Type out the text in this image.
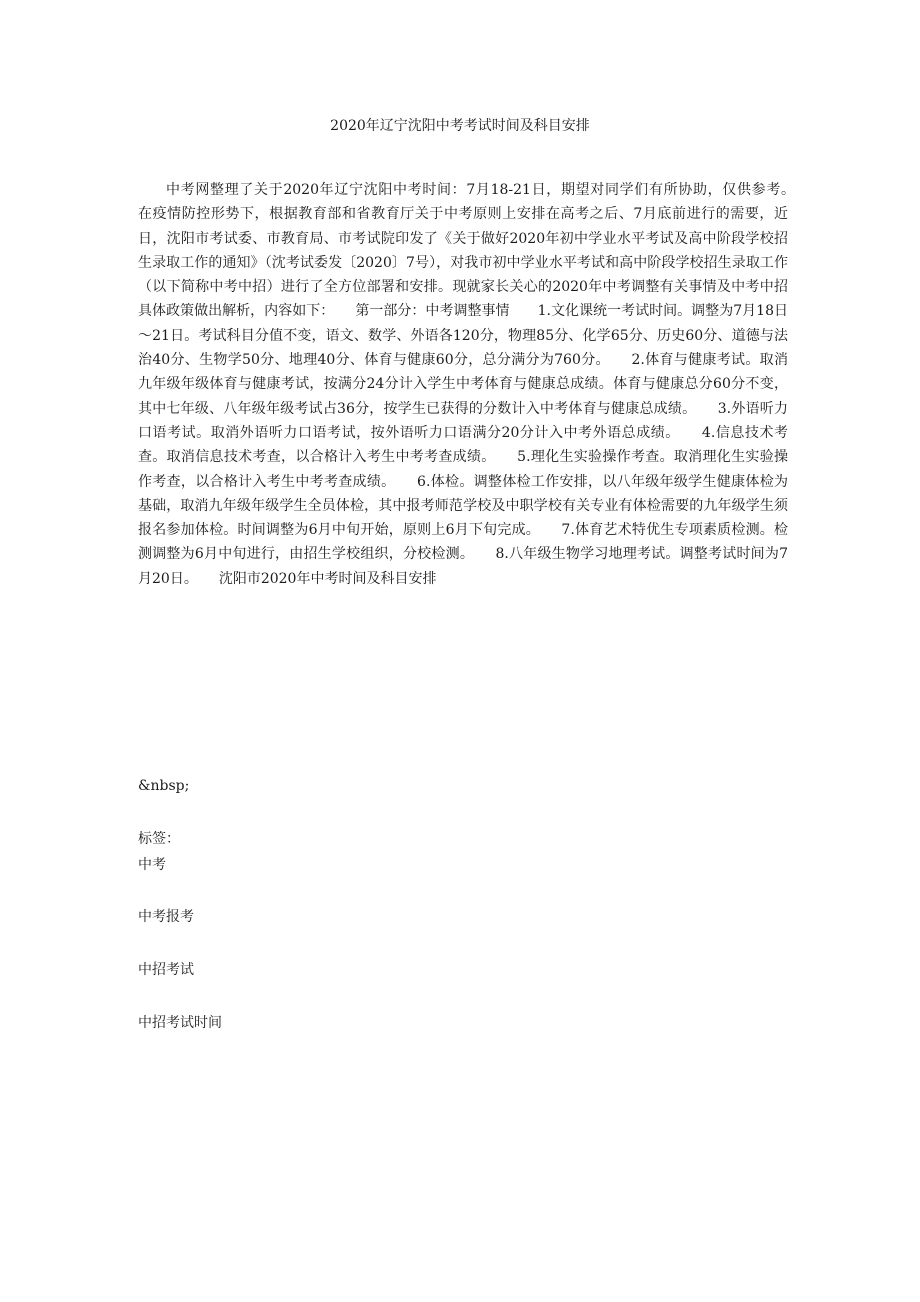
2020年辽宁沈阳中考考试时间及科目安排

中考网整理了关于2020年辽宁沈阳中考时间：7月18-21日，期望对同学们有所协助，仅供参考。　　在疫情防控形势下，根据教育部和省教育厅关于中考原则上安排在高考之后、7月底前进行的需要，近日，沈阳市考试委、市教育局、市考试院印发了《关于做好2020年初中学业水平考试及高中阶段学校招生录取工作的通知》（沈考试委发〔2020〕7号），对我市初中学业水平考试和高中阶段学校招生录取工作（以下简称中考中招）进行了全方位部署和安排。现就家长关心的2020年中考调整有关事情及中考中招具体政策做出解析，内容如下：　　第一部分：中考调整事情　　1.文化课统一考试时间。调整为7月18日～21日。考试科目分值不变，语文、数学、外语各120分，物理85分、化学65分、历史60分、道德与法治40分、生物学50分、地理40分、体育与健康60分，总分满分为760分。　　2.体育与健康考试。取消九年级年级体育与健康考试，按满分24分计入学生中考体育与健康总成绩。体育与健康总分60分不变，其中七年级、八年级年级考试占36分，按学生已获得的分数计入中考体育与健康总成绩。　　3.外语听力口语考试。取消外语听力口语考试，按外语听力口语满分20分计入中考外语总成绩。　　4.信息技术考查。取消信息技术考查，以合格计入考生中考考查成绩。　　5.理化生实验操作考查。取消理化生实验操作考查，以合格计入考生中考考查成绩。　　6.体检。调整体检工作安排，以八年级年级学生健康体检为基础，取消九年级年级学生全员体检，其中报考师范学校及中职学校有关专业有体检需要的九年级学生须报名参加体检。时间调整为6月中旬开始，原则上6月下旬完成。　　7.体育艺术特优生专项素质检测。检测调整为6月中旬进行，由招生学校组织，分校检测。　　8.八年级生物学习地理考试。调整考试时间为7月20日。　　沈阳市2020年中考时间及科目安排

&nbsp;

标签：

中考
中考报考
中招考试
中招考试时间
